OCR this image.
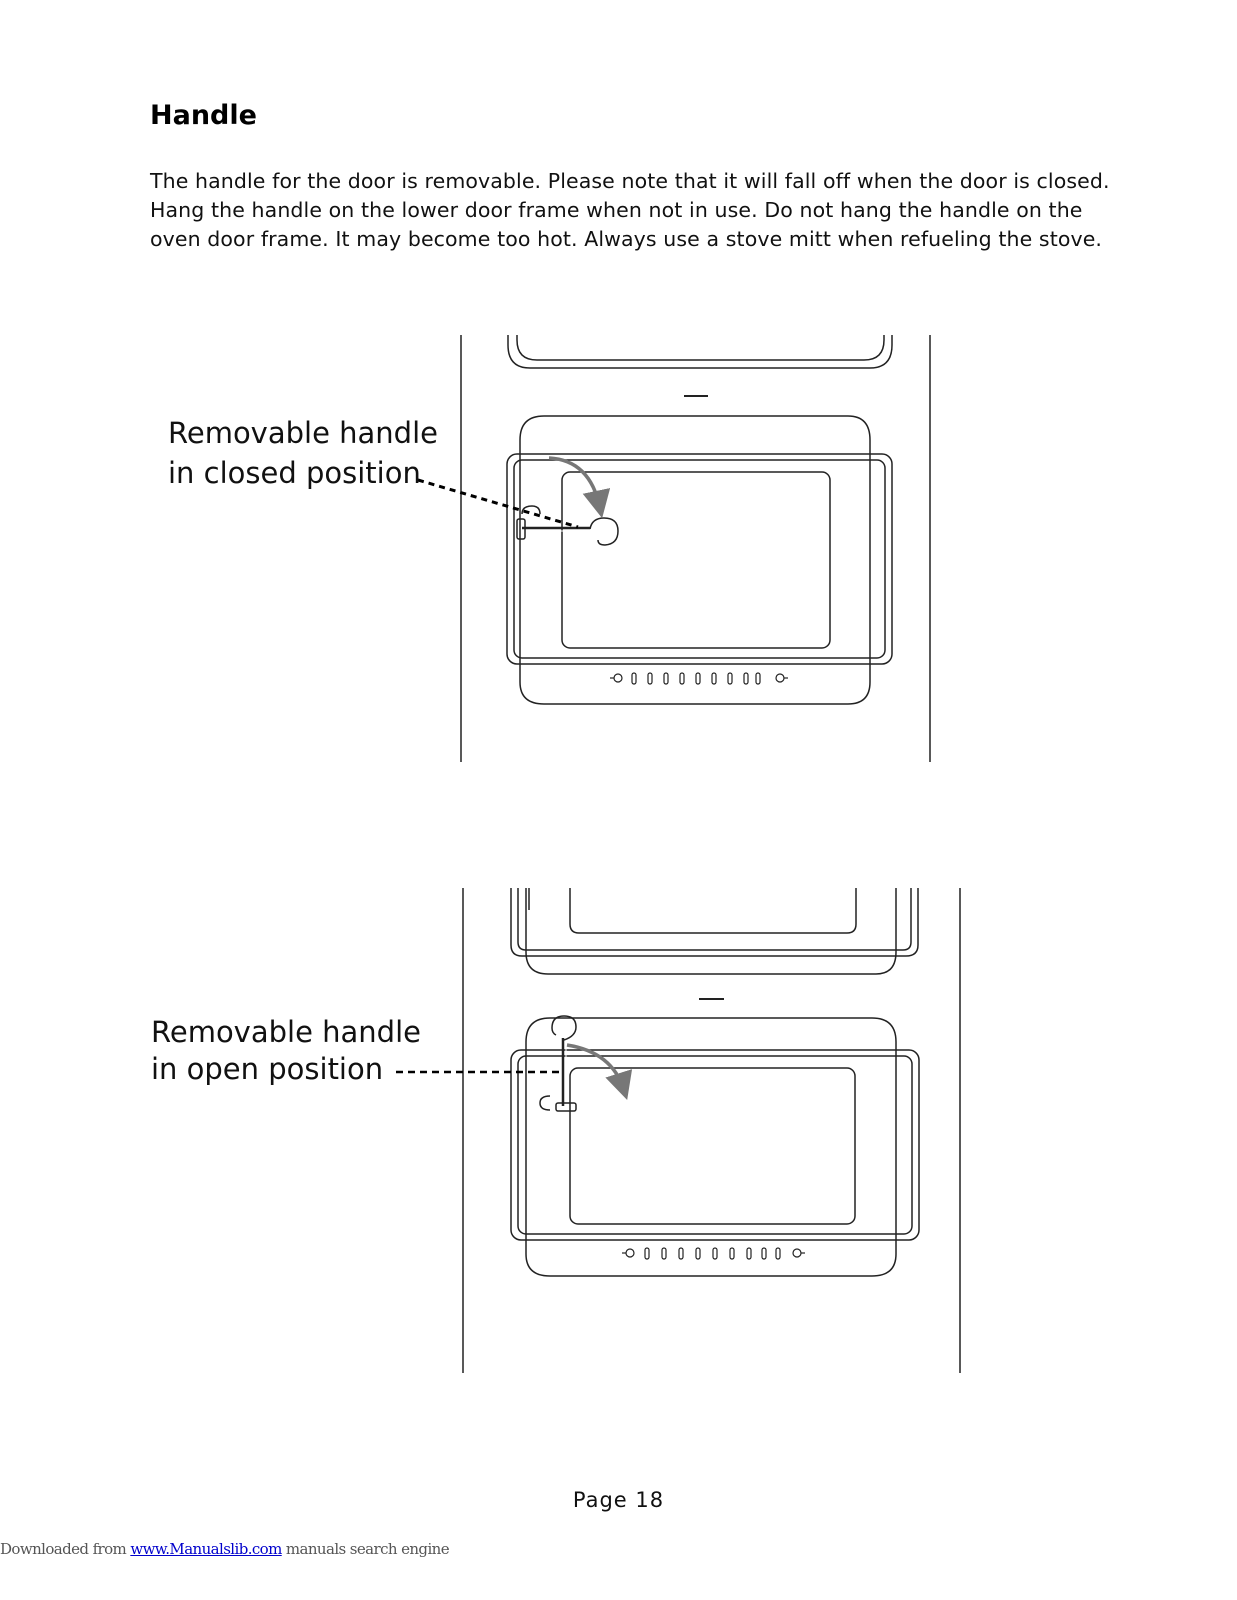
Handle

The handle for the door is removable. Please note that it will fall off when the door is closed. Hang the handle on the lower door frame when not in use. Do not hang the handle on the oven door frame. It may become too hot. Always use a stove mitt when refueling the stove.

Removable handle
in closed position
Removable handle
in open position
Page 18
Downloaded from www.Manualslib.com manuals search engine
